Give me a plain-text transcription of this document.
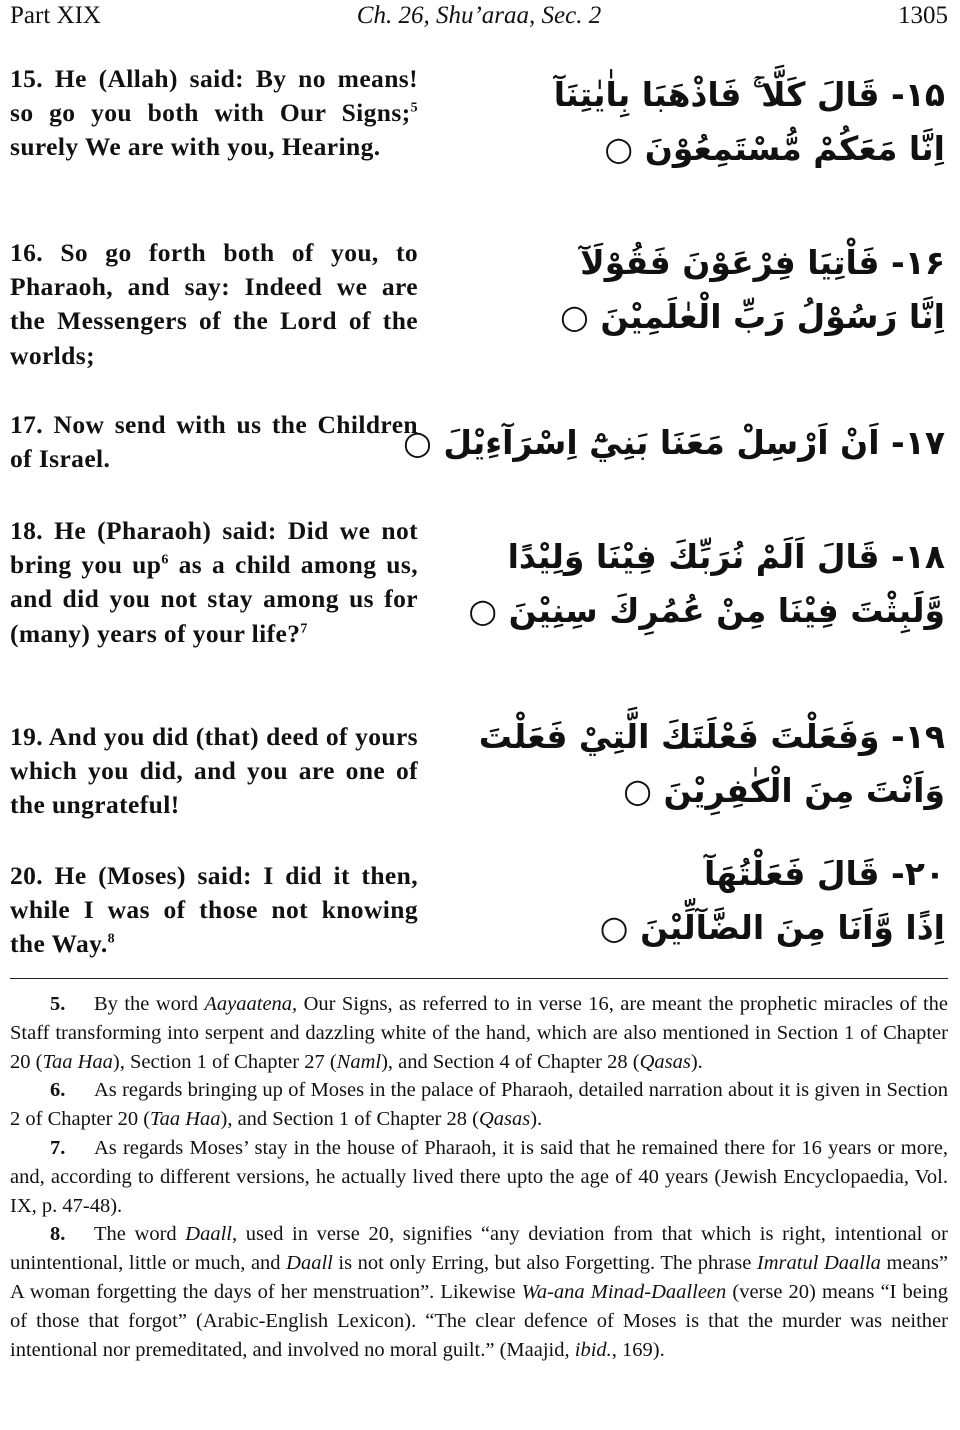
Ch. 26, Shu’araa, Sec. 2
Part XIX	1305
15. He (Allah) said: By no means! so go you both with Our Signs;$^5$ surely We are with you, Hearing.
۱۵- قَالَ كَلَّا ۚ فَاذْهَبَا بِاٰيٰتِنَآ
اِنَّا مَعَكُمْ مُّسْتَمِعُوْنَ ○
16. So go forth both of you, to Pharaoh, and say: Indeed we are the Messengers of the Lord of the worlds;
۱۶- فَاْتِيَا فِرْعَوْنَ فَقُوْلَآ
اِنَّا رَسُوْلُ رَبِّ الْعٰلَمِيْنَ ○
17. Now send with us the Children of Israel.	۱۷- اَنْ اَرْسِلْ مَعَنَا بَنِيْٓ اِسْرَآءِيْلَ ○
18. He (Pharaoh) said: Did we not bring you $up^6$ as a child among us, and did you not stay among us for (many) years of your life?$^7$
۱۸- قَالَ اَلَمْ نُرَبِّكَ فِيْنَا وَلِيْدًا
وَّلَبِثْتَ فِيْنَا مِنْ عُمُرِكَ سِنِيْنَ ○
19. And you did (that) deed of yours which you did, and you are one of the ungrateful!
۱۹- وَفَعَلْتَ فَعْلَتَكَ الَّتِيْ فَعَلْتَ
وَاَنْتَ مِنَ الْكٰفِرِيْنَ ○
20. He (Moses) said: I did it then, while I was of those not knowing the Way.$^8$
۲۰- قَالَ فَعَلْتُهَآ
اِذًا وَّاَنَا مِنَ الضَّآلِّيْنَ ○

5. By the word Aayaatena, Our Signs, as referred to in verse 16, are meant the prophetic miracles of the Staff transforming into serpent and dazzling white of the hand, which are also mentioned in Section 1 of Chapter 20 (Taa Haa), Section 1 of Chapter 27 (Naml), and Section 4 of Chapter 28 (Qasas).

6. As regards bringing up of Moses in the palace of Pharaoh, detailed narration about it is given in Section 2 of Chapter 20 (Taa Haa), and Section 1 of Chapter 28 (Qasas).

7. As regards Moses’ stay in the house of Pharaoh, it is said that he remained there for 16 years or more, and, according to different versions, he actually lived there upto the age of 40 years (Jewish Encyclopaedia, Vol. IX, p. 47-48).

8. The word Daall, used in verse 20, signifies “any deviation from that which is right, intentional or unintentional, little or much, and Daall is not only Erring, but also Forgetting. The phrase Imratul Daalla means” A woman forgetting the days of her menstruation”. Likewise Wa-ana Minad-Daalleen (verse 20) means “I being of those that forgot” (Arabic-English Lexicon). “The clear defence of Moses is that the murder was neither intentional nor premeditated, and involved no moral guilt.” (Maajid, ibid., 169).
